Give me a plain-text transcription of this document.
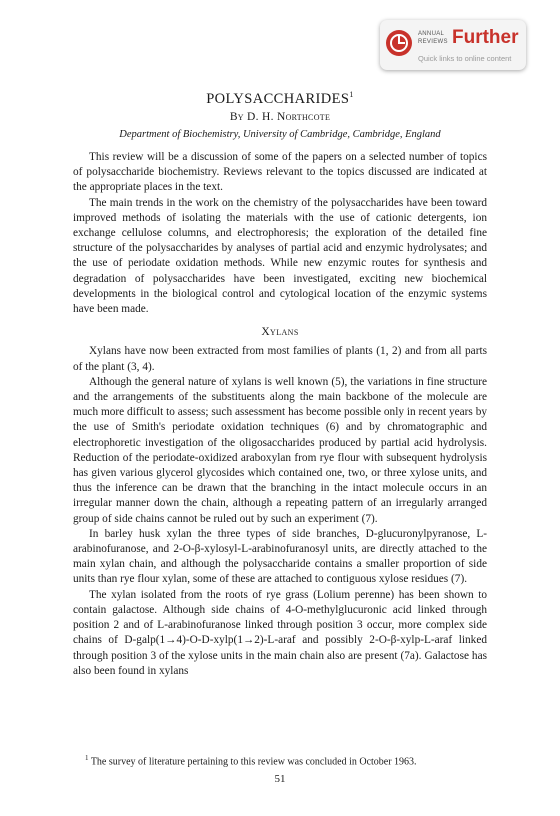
ANNUAL
REVIEWS Further
Quick links to online content
POLYSACCHARIDES$^1$
By D. H. Northcote
Department of Biochemistry, University of Cambridge, Cambridge, England

This review will be a discussion of some of the papers on a selected number of topics of polysaccharide biochemistry. Reviews relevant to the topics discussed are indicated at the appropriate places in the text.

The main trends in the work on the chemistry of the polysaccharides have been toward improved methods of isolating the materials with the use of cationic detergents, ion exchange cellulose columns, and electrophoresis; the exploration of the detailed fine structure of the polysaccharides by analyses of partial acid and enzymic hydrolysates; and the use of periodate oxidation methods. While new enzymic routes for synthesis and degradation of polysaccharides have been investigated, exciting new biochemical developments in the biological control and cytological location of the enzymic systems have been made.

Xylans

Xylans have now been extracted from most families of plants (1, 2) and from all parts of the plant (3, 4).

Although the general nature of xylans is well known (5), the variations in fine structure and the arrangements of the substituents along the main backbone of the molecule are much more difficult to assess; such assessment has become possible only in recent years by the use of Smith's periodate oxidation techniques (6) and by chromatographic and electrophoretic investigation of the oligosaccharides produced by partial acid hydrolysis. Reduction of the periodate-oxidized araboxylan from rye flour with subsequent hydrolysis has given various glycerol glycosides which contained one, two, or three xylose units, and thus the inference can be drawn that the branching in the intact molecule occurs in an irregular manner down the chain, although a repeating pattern of an irregularly arranged group of side chains cannot be ruled out by such an experiment (7).

In barley husk xylan the three types of side branches, D-glucuronylpyranose, L-arabinofuranose, and 2-O-β-xylosyl-L-arabinofuranosyl units, are directly attached to the main xylan chain, and although the polysaccharide contains a smaller proportion of side units than rye flour xylan, some of these are attached to contiguous xylose residues (7).

The xylan isolated from the roots of rye grass (Lolium perenne) has been shown to contain galactose. Although side chains of 4-O-methylglucuronic acid linked through position 2 and of L-arabinofuranose linked through position 3 occur, more complex side chains of D-galp(1→4)-O-D-xylp(1→2)-L-araf and possibly 2-O-β-xylp-L-araf linked through position 3 of the xylose units in the main chain also are present (7a). Galactose has also been found in xylans

$^1$ The survey of literature pertaining to this review was concluded in October 1963.
51
